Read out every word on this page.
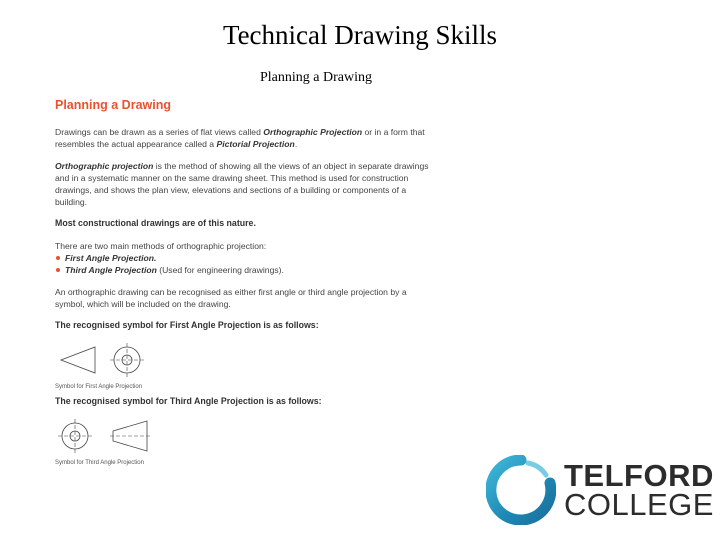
Technical Drawing Skills
Planning a Drawing
Planning a Drawing

Drawings can be drawn as a series of flat views called Orthographic Projection or in a form that resembles the actual appearance called a Pictorial Projection.

Orthographic projection is the method of showing all the views of an object in separate drawings and in a systematic manner on the same drawing sheet. This method is used for construction drawings, and shows the plan view, elevations and sections of a building or components of a building.

Most constructional drawings are of this nature.

There are two main methods of orthographic projection:
First Angle Projection.
Third Angle Projection (Used for engineering drawings).

An orthographic drawing can be recognised as either first angle or third angle projection by a symbol, which will be included on the drawing.

The recognised symbol for First Angle Projection is as follows:

Symbol for First Angle Projection

The recognised symbol for Third Angle Projection is as follows:

Symbol for Third Angle Projection	TELFORD
COLLEGE
